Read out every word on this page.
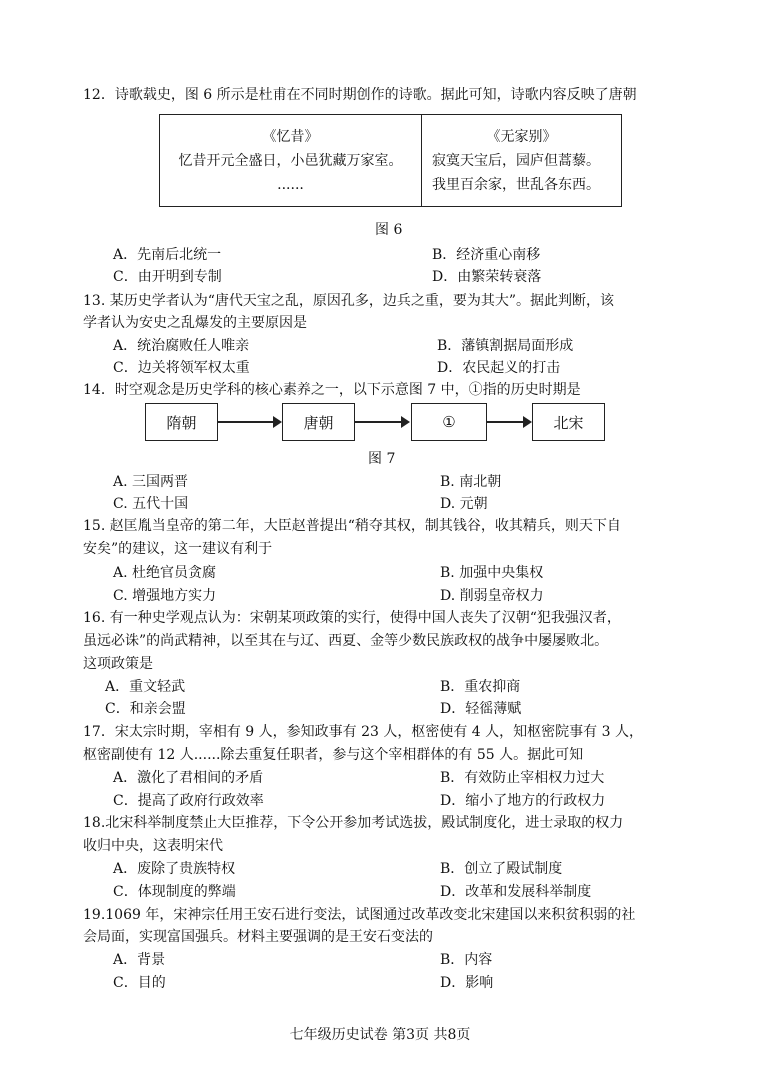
12．诗歌载史，图 6 所示是杜甫在不同时期创作的诗歌。据此可知，诗歌内容反映了唐朝
《忆昔》
忆昔开元全盛日，小邑犹藏万家室。
......
《无家别》
寂寞天宝后，园庐但蒿藜。
我里百余家，世乱各东西。
图 6
A．先南后北统一	B．经济重心南移
C．由开明到专制	D．由繁荣转衰落
13. 某历史学者认为“唐代天宝之乱，原因孔多，边兵之重，要为其大”。据此判断，该
学者认为安史之乱爆发的主要原因是
A．统治腐败任人唯亲	B．藩镇割据局面形成
C．边关将领军权太重	D．农民起义的打击
14．时空观念是历史学科的核心素养之一，以下示意图 7 中，①指的历史时期是
隋朝	唐朝	①	北宋
图 7
A. 三国两晋	B. 南北朝
C. 五代十国	D. 元朝
15. 赵匡胤当皇帝的第二年，大臣赵普提出“稍夺其权，制其钱谷，收其精兵，则天下自
安矣”的建议，这一建议有利于
A. 杜绝官员贪腐	B. 加强中央集权
C. 增强地方实力	D. 削弱皇帝权力
16. 有一种史学观点认为：宋朝某项政策的实行，使得中国人丧失了汉朝“犯我强汉者，
虽远必诛”的尚武精神，以至其在与辽、西夏、金等少数民族政权的战争中屡屡败北。
这项政策是
A．重文轻武	B．重农抑商
C．和亲会盟	D．轻徭薄赋
17．宋太宗时期，宰相有 9 人，参知政事有 23 人，枢密使有 4 人，知枢密院事有 3 人，
枢密副使有 12 人......除去重复任职者，参与这个宰相群体的有 55 人。据此可知
A．激化了君相间的矛盾	B．有效防止宰相权力过大
C．提高了政府行政效率	D．缩小了地方的行政权力
18.北宋科举制度禁止大臣推荐，下令公开参加考试选拔，殿试制度化，进士录取的权力
收归中央，这表明宋代
A．废除了贵族特权	B．创立了殿试制度
C．体现制度的弊端	D．改革和发展科举制度
19.1069 年，宋神宗任用王安石进行变法，试图通过改革改变北宋建国以来积贫积弱的社
会局面，实现富国强兵。材料主要强调的是王安石变法的
A．背景	B．内容
C．目的	D．影响
七年级历史试卷 第3页 共8页
